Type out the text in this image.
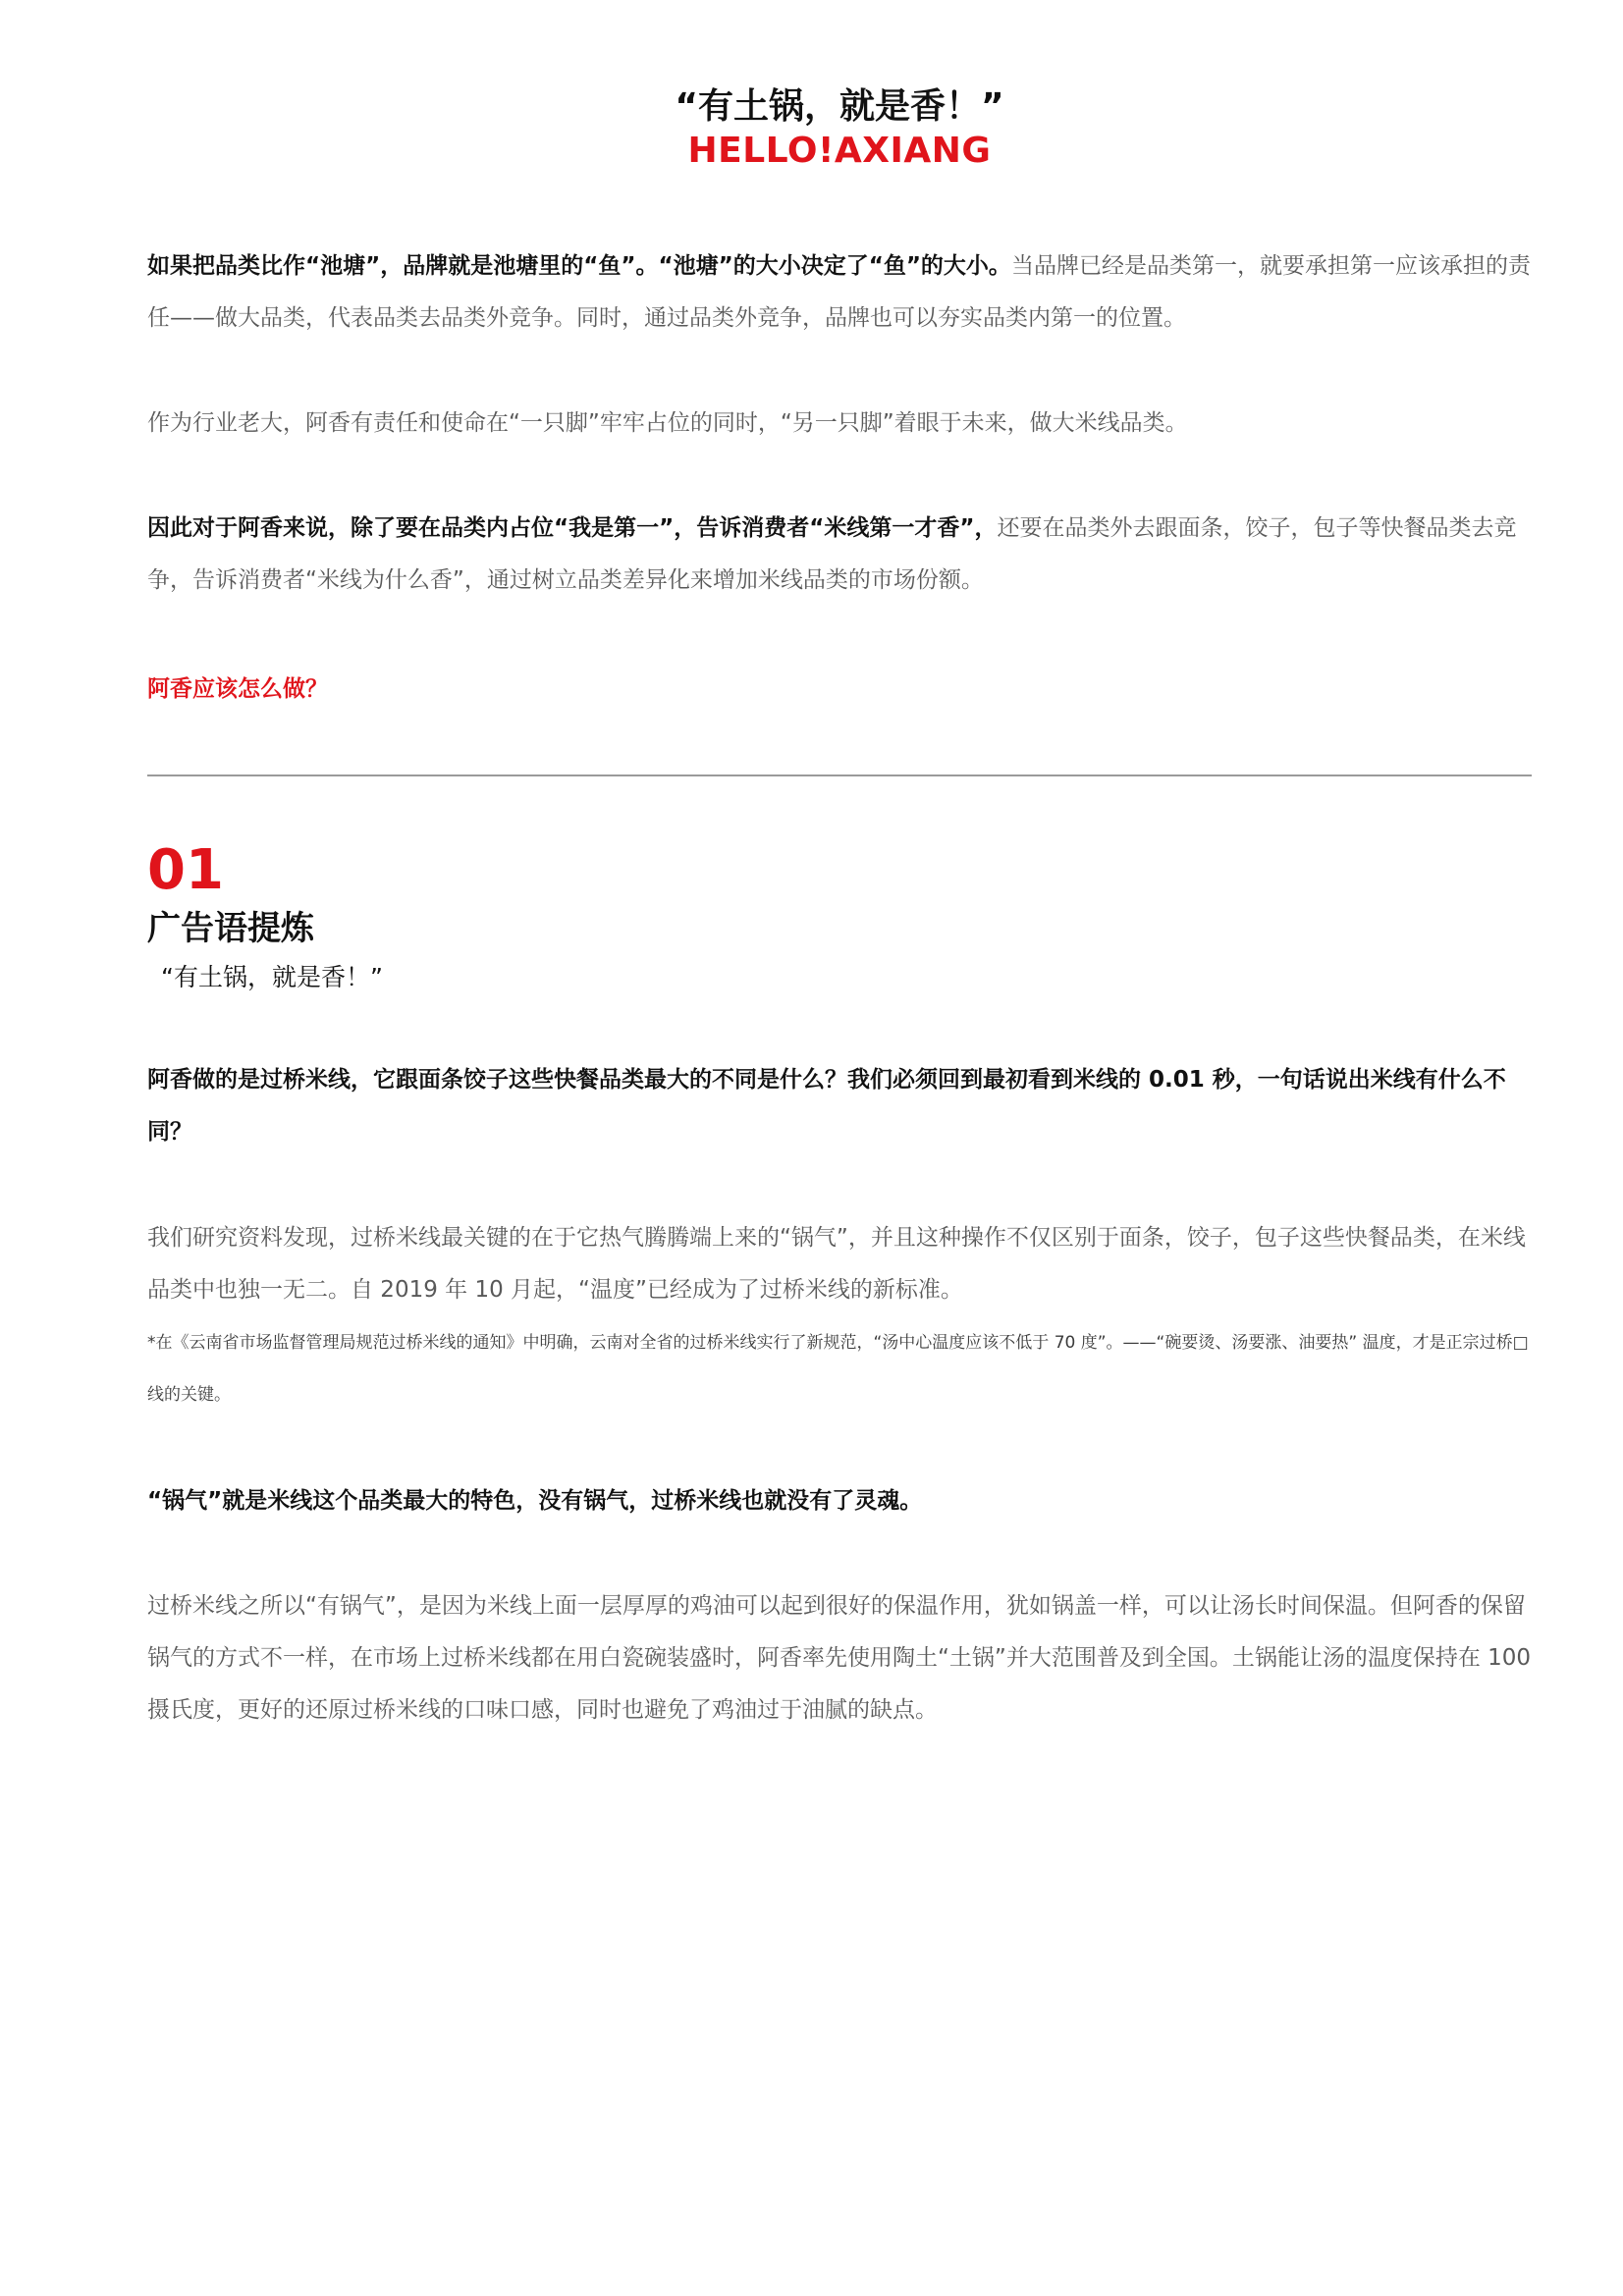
“有土锅，就是香！”
HELLO!AXIANG

如果把品类比作“池塘”，品牌就是池塘里的“鱼”。“池塘”的大小决定了“鱼”的大小。当品牌已经是品类第一，就要承担第一应该承担的责任——做大品类，代表品类去品类外竞争。同时，通过品类外竞争，品牌也可以夯实品类内第一的位置。

作为行业老大，阿香有责任和使命在“一只脚”牢牢占位的同时，“另一只脚”着眼于未来，做大米线品类。

因此对于阿香来说，除了要在品类内占位“我是第一”，告诉消费者“米线第一才香”，还要在品类外去跟面条，饺子，包子等快餐品类去竞争，告诉消费者“米线为什么香”，通过树立品类差异化来增加米线品类的市场份额。

阿香应该怎么做？
01
广告语提炼
“有土锅，就是香！”

阿香做的是过桥米线，它跟面条饺子这些快餐品类最大的不同是什么？我们必须回到最初看到米线的 0.01 秒，一句话说出米线有什么不同？

我们研究资料发现，过桥米线最关键的在于它热气腾腾端上来的“锅气”，并且这种操作不仅区别于面条，饺子，包子这些快餐品类，在米线品类中也独一无二。自 2019 年 10 月起，“温度”已经成为了过桥米线的新标准。

*在《云南省市场监督管理局规范过桥米线的通知》中明确，云南对全省的过桥米线实行了新规范，“汤中心温度应该不低于 70 度”。——“碗要烫、汤要涨、油要热” 温度，才是正宗过桥□线的关键。

“锅气”就是米线这个品类最大的特色，没有锅气，过桥米线也就没有了灵魂。

过桥米线之所以“有锅气”，是因为米线上面一层厚厚的鸡油可以起到很好的保温作用，犹如锅盖一样，可以让汤长时间保温。但阿香的保留锅气的方式不一样，在市场上过桥米线都在用白瓷碗装盛时，阿香率先使用陶土“土锅”并大范围普及到全国。土锅能让汤的温度保持在 100 摄氏度，更好的还原过桥米线的口味口感，同时也避免了鸡油过于油腻的缺点。
